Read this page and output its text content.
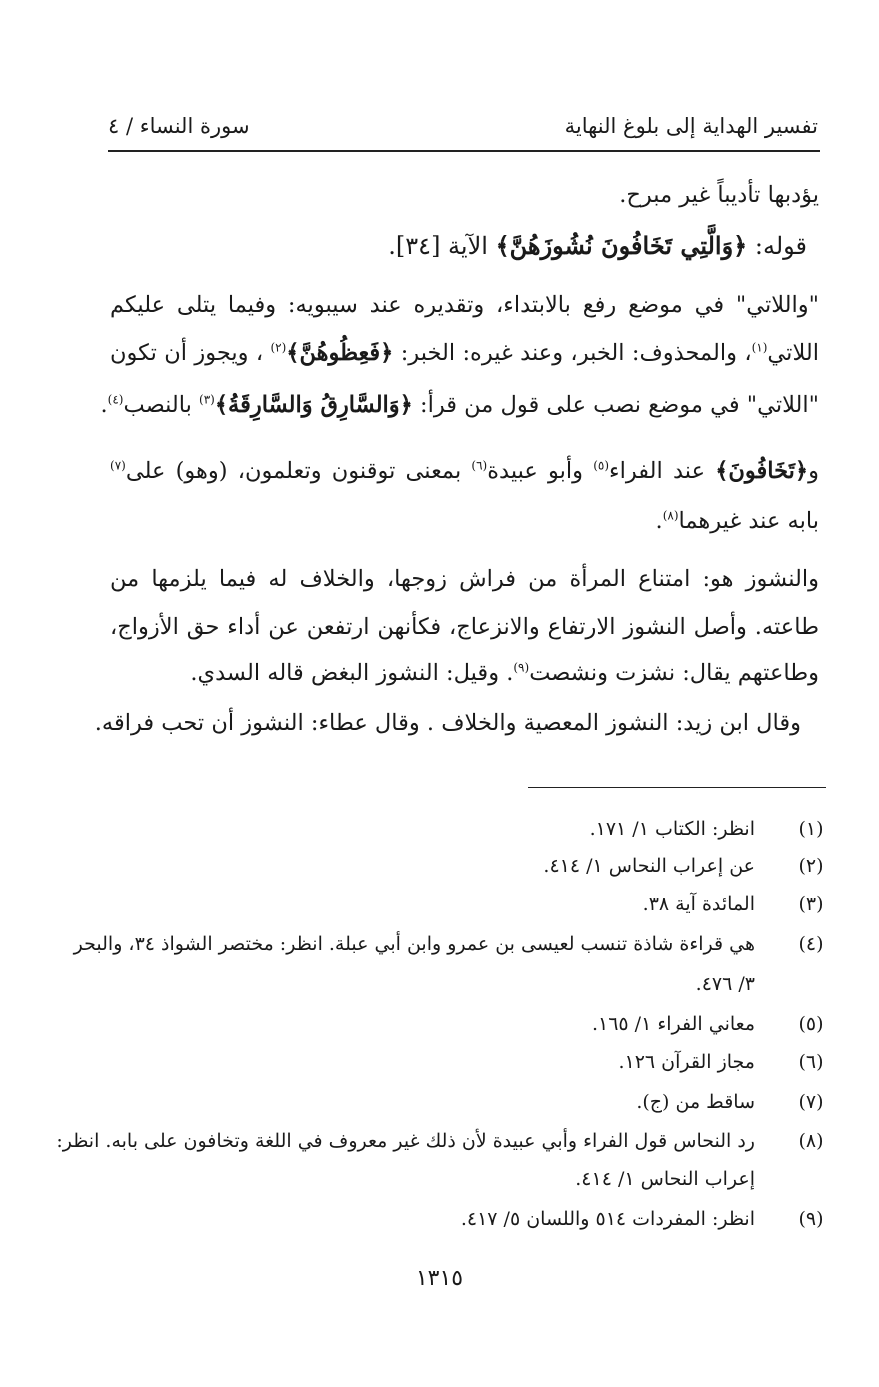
تفسير الهداية إلى بلوغ النهاية
سورة النساء / ٤
يؤدبها تأديباً غير مبرح.
قوله: ﴿وَالَّتِي تَخَافُونَ نُشُوزَهُنَّ﴾ الآية [٣٤].
"واللاتي" في موضع رفع بالابتداء، وتقديره عند سيبويه: وفيما يتلى عليكم
اللاتي$^{(١)}$، والمحذوف: الخبر، وعند غيره: الخبر: ﴿فَعِظُوهُنَّ﴾$^{(٢)}$ ، ويجوز أن تكون
"اللاتي" في موضع نصب على قول من قرأ: ﴿وَالسَّارِقُ وَالسَّارِقَةُ﴾$^{(٣)}$ بالنصب$^{(٤)}$.
و﴿تَخَافُونَ﴾ عند الفراء$^{(٥)}$ وأبو عبيدة$^{(٦)}$ بمعنى توقنون وتعلمون، (وهو) على$^{(٧)}$
بابه عند غيرهما$^{(٨)}$.
والنشوز هو: امتناع المرأة من فراش زوجها، والخلاف له فيما يلزمها من
طاعته. وأصل النشوز الارتفاع والانزعاج، فكأنهن ارتفعن عن أداء حق الأزواج،
وطاعتهم يقال: نشزت ونشصت$^{(٩)}$. وقيل: النشوز البغض قاله السدي.
وقال ابن زيد: النشوز المعصية والخلاف . وقال عطاء: النشوز أن تحب فراقه.
(١)
انظر: الكتاب ١/ ١٧١.
(٢)
عن إعراب النحاس ١/ ٤١٤.
(٣)
المائدة آية ٣٨.
(٤)
هي قراءة شاذة تنسب لعيسى بن عمرو وابن أبي عبلة. انظر: مختصر الشواذ ٣٤، والبحر
٣/ ٤٧٦.
(٥)
معاني الفراء ١/ ١٦٥.
(٦)
مجاز القرآن ١٢٦.
(٧)
ساقط من (ج).
(٨)
رد النحاس قول الفراء وأبي عبيدة لأن ذلك غير معروف في اللغة وتخافون على بابه. انظر:
إعراب النحاس ١/ ٤١٤.
(٩)
انظر: المفردات ٥١٤ واللسان ٥/ ٤١٧.
١٣١٥
